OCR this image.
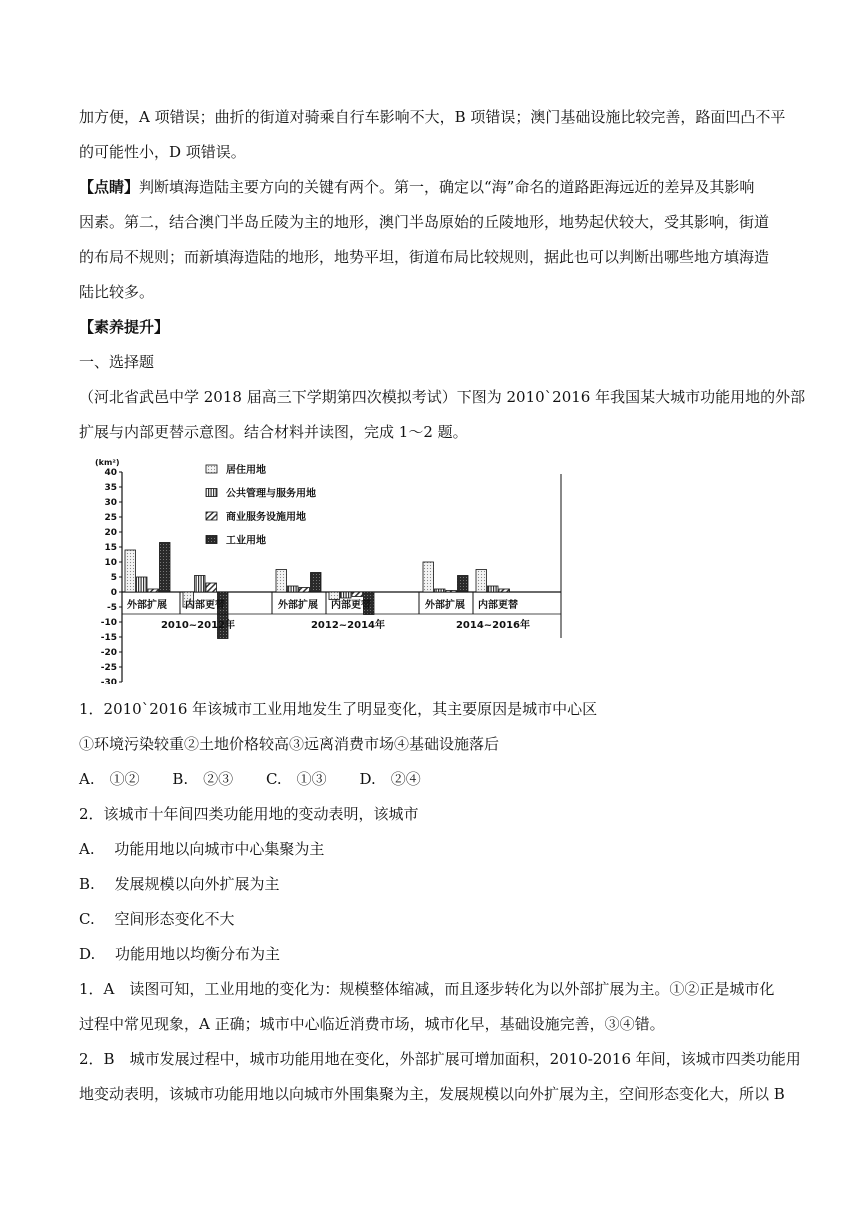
加方便，A 项错误；曲折的街道对骑乘自行车影响不大，B 项错误；澳门基础设施比较完善，路面凹凸不平
的可能性小，D 项错误。
【点睛】判断填海造陆主要方向的关键有两个。第一，确定以“海”命名的道路距海远近的差异及其影响
因素。第二，结合澳门半岛丘陵为主的地形，澳门半岛原始的丘陵地形，地势起伏较大，受其影响，街道
的布局不规则；而新填海造陆的地形，地势平坦，街道布局比较规则，据此也可以判断出哪些地方填海造
陆比较多。

【素养提升】

一、选择题

（河北省武邑中学 2018 届高三下学期第四次模拟考试）下图为 2010`2016 年我国某大城市功能用地的外部
扩展与内部更替示意图。结合材料并读图，完成 1～2 题。
(km²)
40
35
30
25
20
15
10
5
0
-5
-10
-15
-20
-25
-30
居住用地
公共管理与服务用地
商业服务设施用地
工业用地
外部扩展 内部更替
2010~2012年
外部扩展 内部更替
2012~2014年
外部扩展 内部更替
2014~2016年
1．2010`2016 年该城市工业用地发生了明显变化，其主要原因是城市中心区
①环境污染较重②土地价格较高③远离消费市场④基础设施落后
A.　①② B.　②③ C.　①③ D.　②④
2．该城市十年间四类功能用地的变动表明，该城市
A.　 功能用地以向城市中心集聚为主
B.　 发展规模以向外扩展为主
C.　 空间形态变化不大
D.　 功能用地以均衡分布为主
1．A　读图可知，工业用地的变化为：规模整体缩减，而且逐步转化为以外部扩展为主。①②正是城市化
过程中常见现象，A 正确；城市中心临近消费市场，城市化早，基础设施完善，③④错。
2．B　城市发展过程中，城市功能用地在变化，外部扩展可增加面积，2010-2016 年间，该城市四类功能用
地变动表明，该城市功能用地以向城市外围集聚为主，发展规模以向外扩展为主，空间形态变化大，所以 B
